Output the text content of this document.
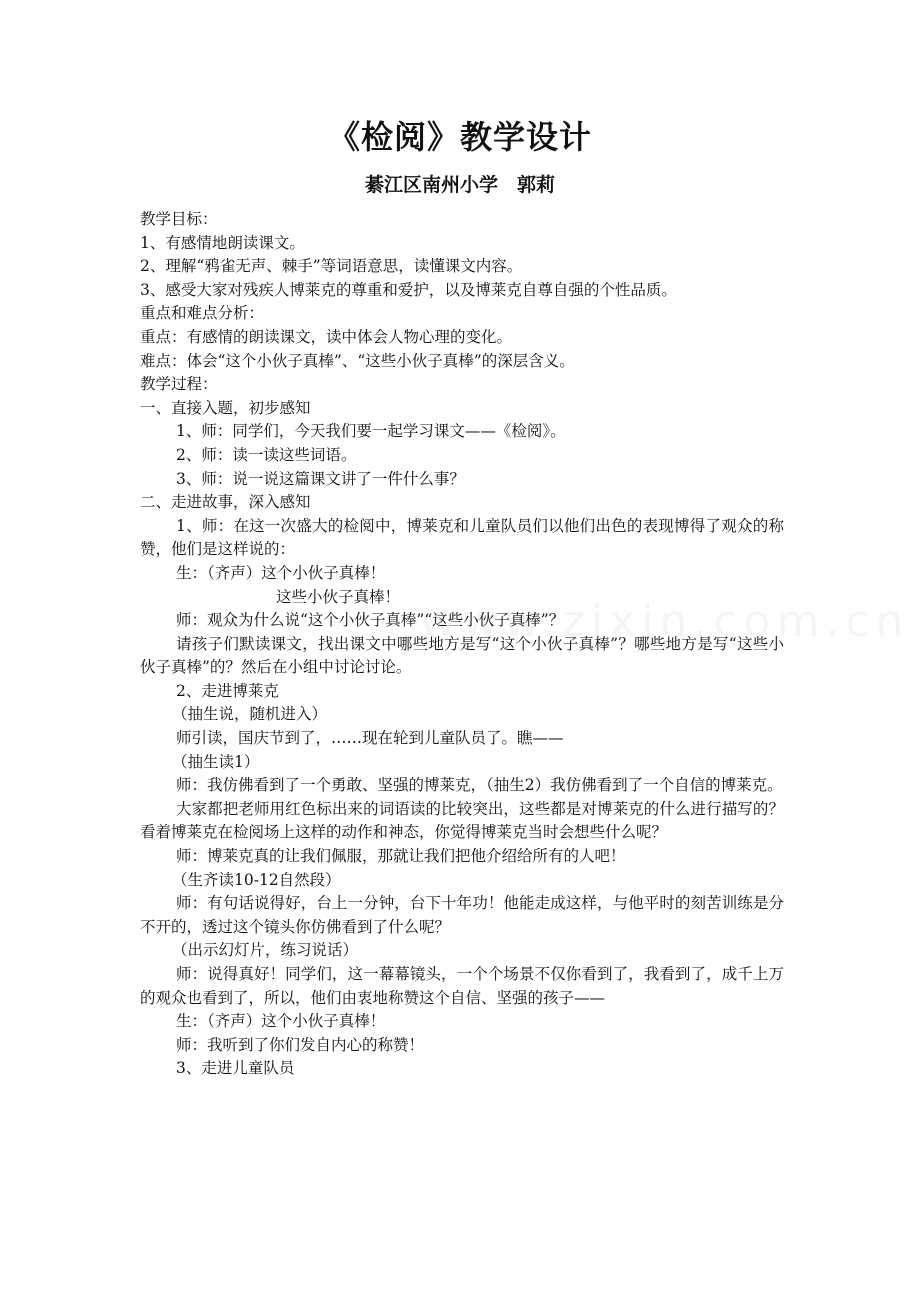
《检阅》教学设计
綦江区南州小学　郭莉

教学目标：

1、有感情地朗读课文。

2、理解“鸦雀无声、棘手”等词语意思，读懂课文内容。

3、感受大家对残疾人博莱克的尊重和爱护，以及博莱克自尊自强的个性品质。

重点和难点分析：

重点：有感情的朗读课文，读中体会人物心理的变化。

难点：体会“这个小伙子真棒”、“这些小伙子真棒”的深层含义。

教学过程：

一、直接入题，初步感知

1、师：同学们，今天我们要一起学习课文——《检阅》。

2、师：读一读这些词语。

3、师：说一说这篇课文讲了一件什么事？

二、走进故事，深入感知

1、师：在这一次盛大的检阅中，博莱克和儿童队员们以他们出色的表现博得了观众的称赞，他们是这样说的：

生：（齐声）这个小伙子真棒！

这些小伙子真棒！

师：观众为什么说“这个小伙子真棒”“这些小伙子真棒”？

请孩子们默读课文，找出课文中哪些地方是写“这个小伙子真棒”？哪些地方是写“这些小伙子真棒”的？然后在小组中讨论讨论。

2、走进博莱克

（抽生说，随机进入）

师引读，国庆节到了，……现在轮到儿童队员了。瞧——

（抽生读1）

师：我仿佛看到了一个勇敢、坚强的博莱克，（抽生2）我仿佛看到了一个自信的博莱克。

大家都把老师用红色标出来的词语读的比较突出，这些都是对博莱克的什么进行描写的？看着博莱克在检阅场上这样的动作和神态，你觉得博莱克当时会想些什么呢？

师：博莱克真的让我们佩服，那就让我们把他介绍给所有的人吧！

（生齐读10-12自然段）

师：有句话说得好，台上一分钟，台下十年功！他能走成这样，与他平时的刻苦训练是分不开的，透过这个镜头你仿佛看到了什么呢？

（出示幻灯片，练习说话）

师：说得真好！同学们，这一幕幕镜头，一个个场景不仅你看到了，我看到了，成千上万的观众也看到了，所以，他们由衷地称赞这个自信、坚强的孩子——

生：（齐声）这个小伙子真棒！

师：我听到了你们发自内心的称赞！

3、走进儿童队员
